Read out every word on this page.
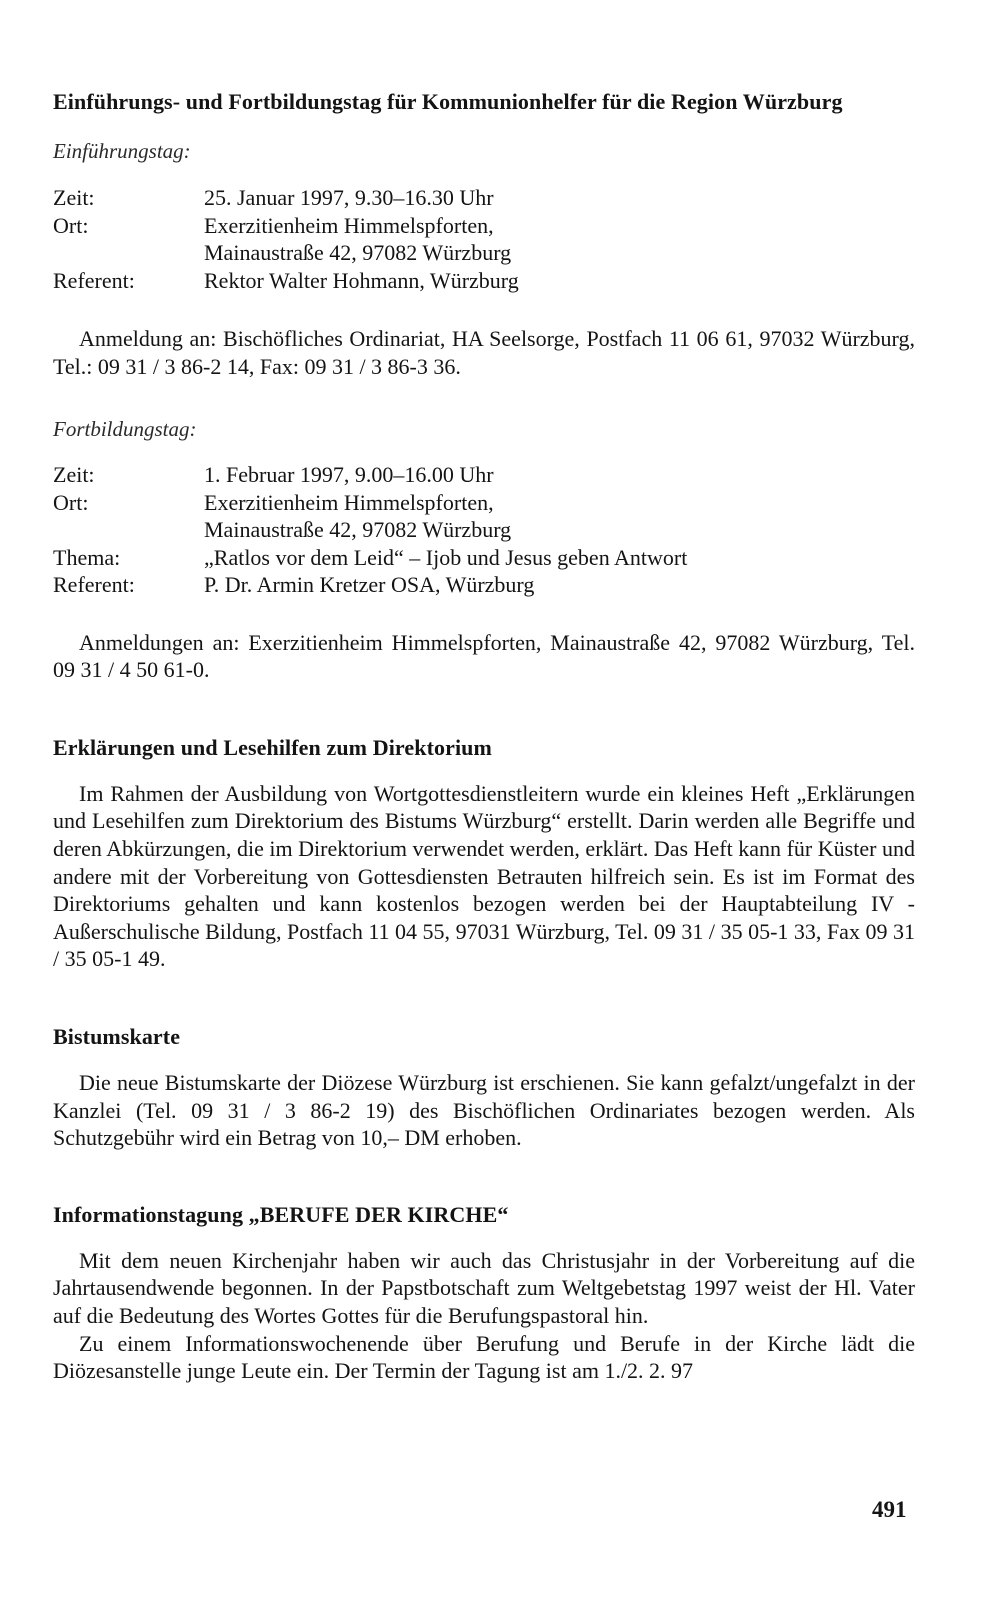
Einführungs- und Fortbildungstag für Kommunionhelfer für die Region Würzburg
Einführungstag:
Zeit:	25. Januar 1997, 9.30–16.30 Uhr
Ort:	Exerzitienheim Himmelspforten,
Mainaustraße 42, 97082 Würzburg
Referent:	Rektor Walter Hohmann, Würzburg

Anmeldung an: Bischöfliches Ordinariat, HA Seelsorge, Postfach 11 06 61, 97032 Würzburg, Tel.: 09 31 / 3 86-2 14, Fax: 09 31 / 3 86-3 36.

Fortbildungstag:
Zeit:	1. Februar 1997, 9.00–16.00 Uhr
Ort:	Exerzitienheim Himmelspforten,
Mainaustraße 42, 97082 Würzburg
Thema:	„Ratlos vor dem Leid“ – Ijob und Jesus geben Antwort
Referent:	P. Dr. Armin Kretzer OSA, Würzburg

Anmeldungen an: Exerzitienheim Himmelspforten, Mainaustraße 42, 97082 Würzburg, Tel. 09 31 / 4 50 61-0.

Erklärungen und Lesehilfen zum Direktorium

Im Rahmen der Ausbildung von Wortgottesdienstleitern wurde ein kleines Heft „Erklärungen und Lesehilfen zum Direktorium des Bistums Würzburg“ erstellt. Darin werden alle Begriffe und deren Abkürzungen, die im Direktorium verwendet werden, erklärt. Das Heft kann für Küster und andere mit der Vorbereitung von Gottesdiensten Betrauten hilfreich sein. Es ist im Format des Direktoriums gehalten und kann kostenlos bezogen werden bei der Hauptabteilung IV - Außerschulische Bildung, Postfach 11 04 55, 97031 Würzburg, Tel. 09 31 / 35 05-1 33, Fax 09 31 / 35 05-1 49.

Bistumskarte

Die neue Bistumskarte der Diözese Würzburg ist erschienen. Sie kann gefalzt/ungefalzt in der Kanzlei (Tel. 09 31 / 3 86-2 19) des Bischöflichen Ordinariates bezogen werden. Als Schutzgebühr wird ein Betrag von 10,– DM erhoben.

Informationstagung „BERUFE DER KIRCHE“

Mit dem neuen Kirchenjahr haben wir auch das Christusjahr in der Vorbereitung auf die Jahrtausendwende begonnen. In der Papstbotschaft zum Weltgebetstag 1997 weist der Hl. Vater auf die Bedeutung des Wortes Gottes für die Berufungspastoral hin.

Zu einem Informationswochenende über Berufung und Berufe in der Kirche lädt die Diözesanstelle junge Leute ein. Der Termin der Tagung ist am 1./2. 2. 97

491
